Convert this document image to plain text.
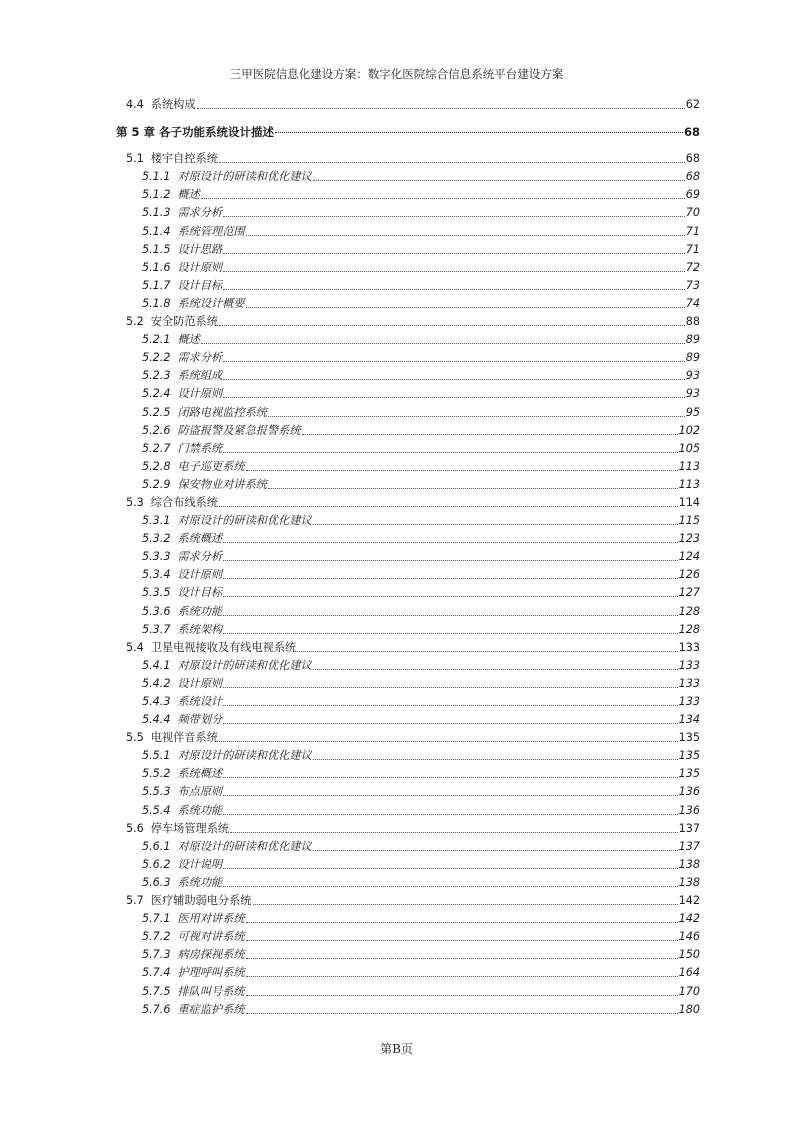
三甲医院信息化建设方案：数字化医院综合信息系统平台建设方案
4.4 系统构成	62
第 5 章 各子功能系统设计描述	68
5.1 楼宇自控系统	68
5.1.1 对原设计的研读和优化建议	68
5.1.2 概述	69
5.1.3 需求分析	70
5.1.4 系统管理范围	71
5.1.5 设计思路	71
5.1.6 设计原则	72
5.1.7 设计目标	73
5.1.8 系统设计概要	74
5.2 安全防范系统	88
5.2.1 概述	89
5.2.2 需求分析	89
5.2.3 系统组成	93
5.2.4 设计原则	93
5.2.5 闭路电视监控系统	95
5.2.6 防盗报警及紧急报警系统	102
5.2.7 门禁系统	105
5.2.8 电子巡更系统	113
5.2.9 保安物业对讲系统	113
5.3 综合布线系统	114
5.3.1 对原设计的研读和优化建议	115
5.3.2 系统概述	123
5.3.3 需求分析	124
5.3.4 设计原则	126
5.3.5 设计目标	127
5.3.6 系统功能	128
5.3.7 系统架构	128
5.4 卫星电视接收及有线电视系统	133
5.4.1 对原设计的研读和优化建议	133
5.4.2 设计原则	133
5.4.3 系统设计	133
5.4.4 频带划分	134
5.5 电视伴音系统	135
5.5.1 对原设计的研读和优化建议	135
5.5.2 系统概述	135
5.5.3 布点原则	136
5.5.4 系统功能	136
5.6 停车场管理系统	137
5.6.1 对原设计的研读和优化建议	137
5.6.2 设计说明	138
5.6.3 系统功能	138
5.7 医疗辅助弱电分系统	142
5.7.1 医用对讲系统	142
5.7.2 可视对讲系统	146
5.7.3 病房探视系统	150
5.7.4 护理呼叫系统	164
5.7.5 排队叫号系统	170
5.7.6 重症监护系统	180
第B页
